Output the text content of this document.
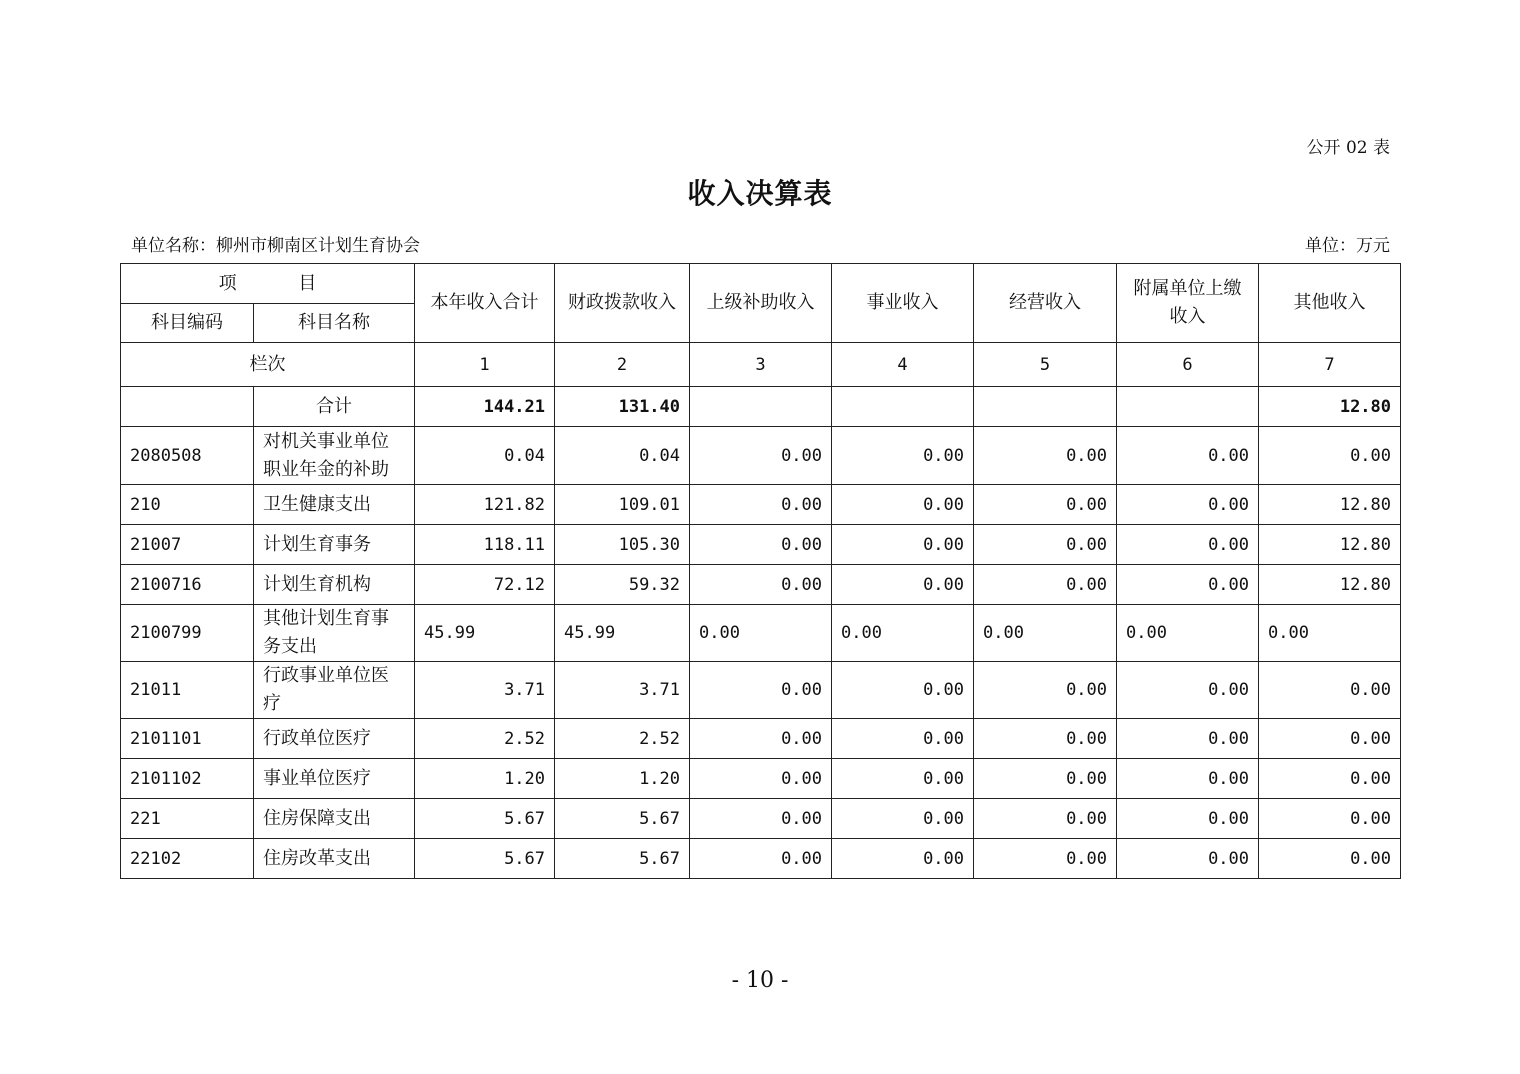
公开 02 表
收入决算表
单位名称：柳州市柳南区计划生育协会	单位：万元
项 目		本年收入合计	财政拨款收入	上级补助收入	事业收入	经营收入	附属单位上缴收入	其他收入
科目编码	科目名称							
栏次		1	2	3	4	5	6	7
	合计	144.21	131.40					12.80
2080508	对机关事业单位职业年金的补助	0.04	0.04	0.00	0.00	0.00	0.00	0.00
210	卫生健康支出	121.82	109.01	0.00	0.00	0.00	0.00	12.80
21007	计划生育事务	118.11	105.30	0.00	0.00	0.00	0.00	12.80
2100716	计划生育机构	72.12	59.32	0.00	0.00	0.00	0.00	12.80
2100799	其他计划生育事务支出	45.99	45.99	0.00	0.00	0.00	0.00	0.00
21011	行政事业单位医疗	3.71	3.71	0.00	0.00	0.00	0.00	0.00
2101101	行政单位医疗	2.52	2.52	0.00	0.00	0.00	0.00	0.00
2101102	事业单位医疗	1.20	1.20	0.00	0.00	0.00	0.00	0.00
221	住房保障支出	5.67	5.67	0.00	0.00	0.00	0.00	0.00
22102	住房改革支出	5.67	5.67	0.00	0.00	0.00	0.00	0.00
- 10 -
